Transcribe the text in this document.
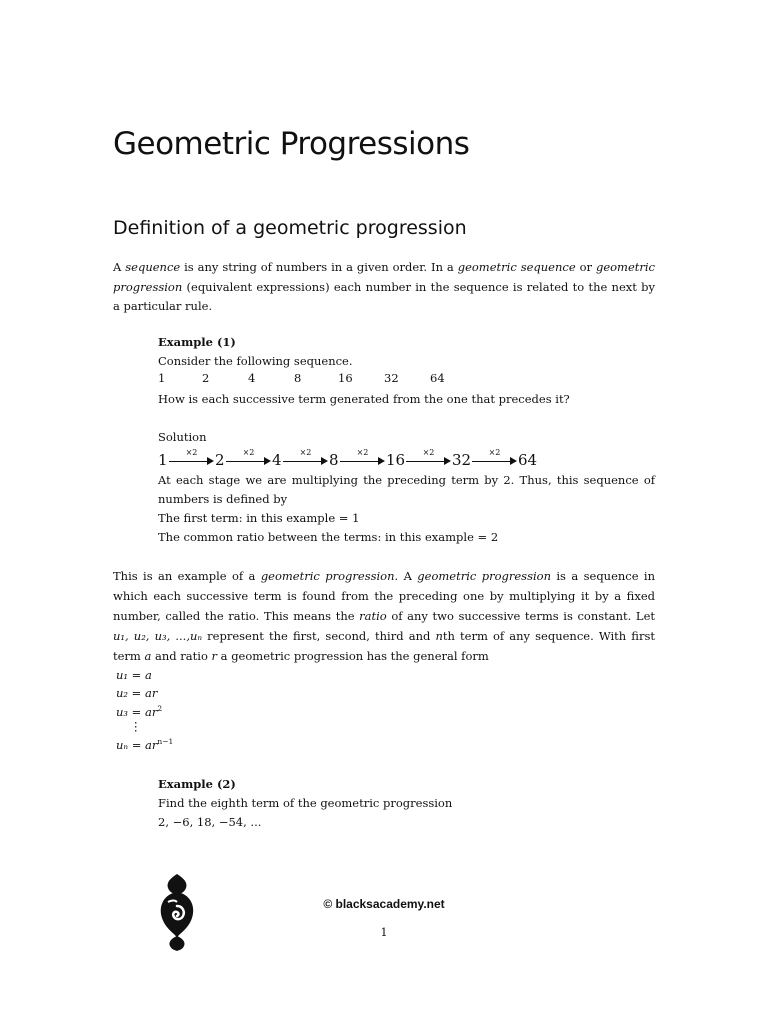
Geometric Progressions
Definition of a geometric progression

A sequence is any string of numbers in a given order. In a geometric sequence or geometric progression (equivalent expressions) each number in the sequence is related to the next by a particular rule.

Example (1)

Consider the following sequence.

1	2	4	8	16	32	64

How is each successive term generated from the one that precedes it?

Solution

1	×2	2	×2	4	×2	8	×2	16	×2	32	×2	64

At each stage we are multiplying the preceding term by 2. Thus, this sequence of numbers is defined by

The first term: in this example = 1

The common ratio between the terms: in this example = 2

This is an example of a geometric progression. A geometric progression is a sequence in which each successive term is found from the preceding one by multiplying it by a fixed number, called the ratio. This means the ratio of any two successive terms is constant. Let u₁, u₂, u₃, ...,uₙ represent the first, second, third and nth term of any sequence. With first term a and ratio r a geometric progression has the general form

u₁ = a
u₂ = ar
$u_3 = ar^2$
⋮
$u_n = ar^{n-1}$

Example (2)

Find the eighth term of the geometric progression

2, −6, 18, −54, ...

© blacksacademy.net
1
